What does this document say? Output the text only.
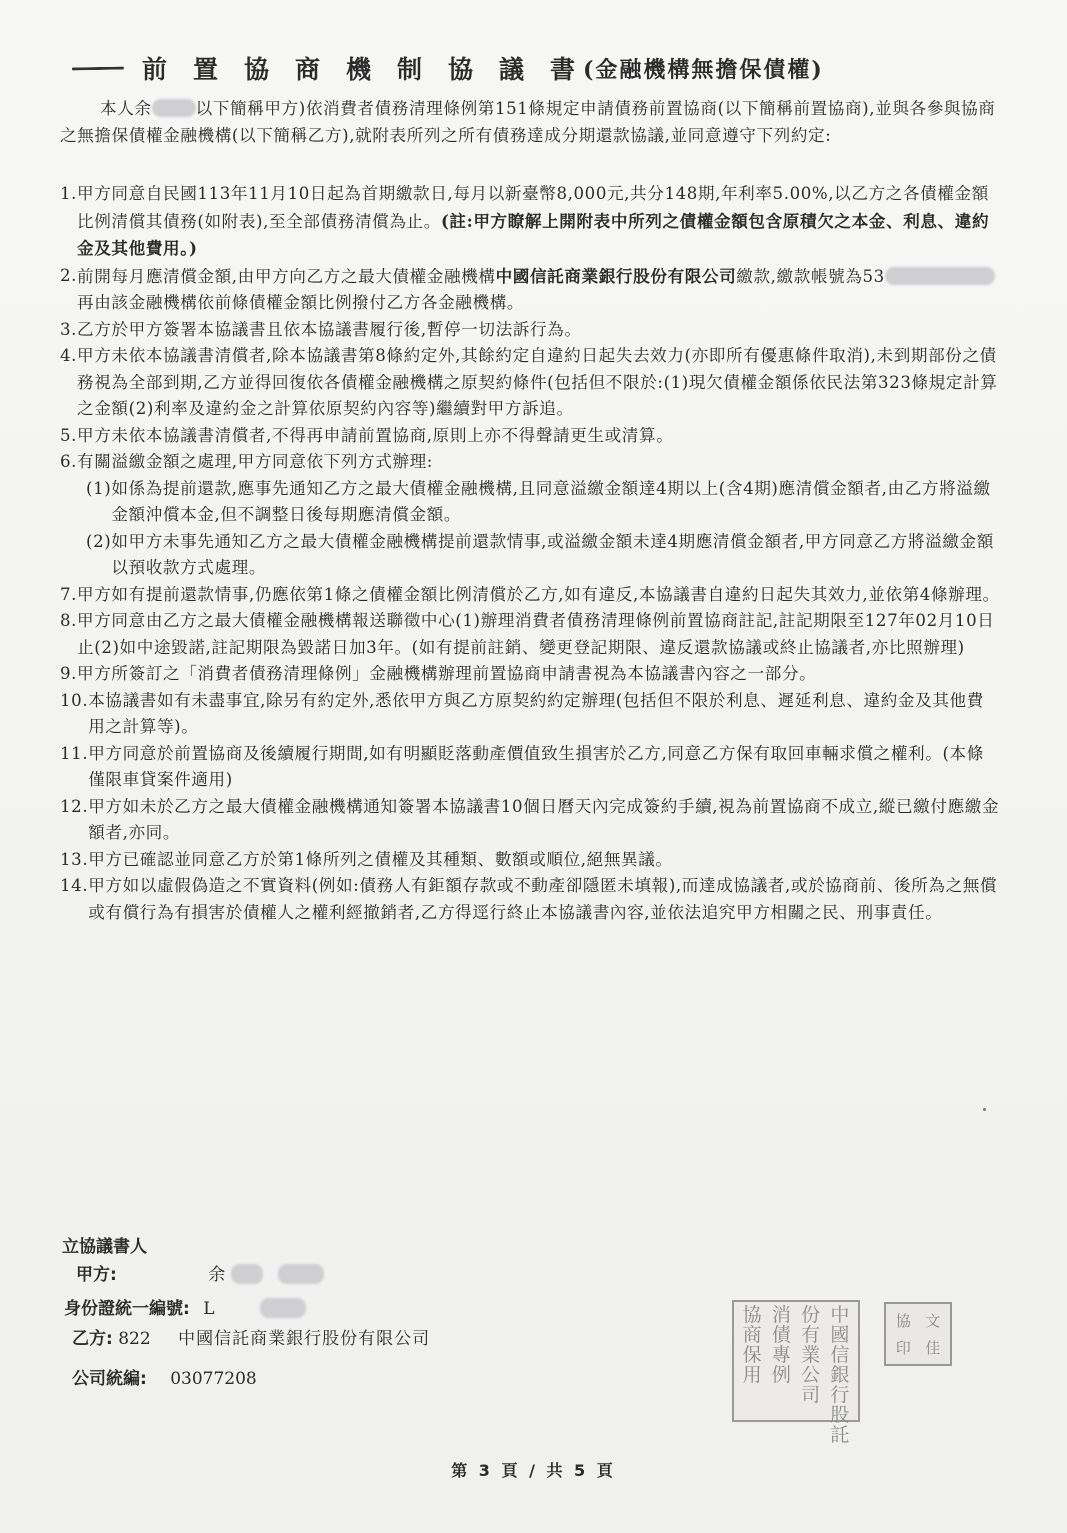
前置協商機制協議書
(金融機構無擔保債權)

本人余	以下簡稱甲方)依消費者債務清理條例第151條規定申請債務前置協商(以下簡稱前置協商),並與各參與協商之無擔保債權金融機構(以下簡稱乙方),就附表所列之所有債務達成分期還款協議,並同意遵守下列約定:

1. 甲方同意自民國113年11月10日起為首期繳款日,每月以新臺幣8,000元,共分148期,年利率5.00%,以乙方之各債權金額比例清償其債務(如附表),至全部債務清償為止。(註:甲方瞭解上開附表中所列之債權金額包含原積欠之本金、利息、違約金及其他費用。)
2. 前開每月應清償金額,由甲方向乙方之最大債權金融機構中國信託商業銀行股份有限公司繳款,繳款帳號為53再由該金融機構依前條債權金額比例撥付乙方各金融機構。
3. 乙方於甲方簽署本協議書且依本協議書履行後,暫停一切法訴行為。
4. 甲方未依本協議書清償者,除本協議書第8條約定外,其餘約定自違約日起失去效力(亦即所有優惠條件取消),未到期部份之債務視為全部到期,乙方並得回復依各債權金融機構之原契約條件(包括但不限於:(1)現欠債權金額係依民法第323條規定計算之金額(2)利率及違約金之計算依原契約內容等)繼續對甲方訴追。
5. 甲方未依本協議書清償者,不得再申請前置協商,原則上亦不得聲請更生或清算。
6. 有關溢繳金額之處理,甲方同意依下列方式辦理:
(1) 如係為提前還款,應事先通知乙方之最大債權金融機構,且同意溢繳金額達4期以上(含4期)應清償金額者,由乙方將溢繳金額沖償本金,但不調整日後每期應清償金額。
(2) 如甲方未事先通知乙方之最大債權金融機構提前還款情事,或溢繳金額未達4期應清償金額者,甲方同意乙方將溢繳金額以預收款方式處理。
7. 甲方如有提前還款情事,仍應依第1條之債權金額比例清償於乙方,如有違反,本協議書自違約日起失其效力,並依第4條辦理。
8. 甲方同意由乙方之最大債權金融機構報送聯徵中心(1)辦理消費者債務清理條例前置協商註記,註記期限至127年02月10日止(2)如中途毀諾,註記期限為毀諾日加3年。(如有提前註銷、變更登記期限、違反還款協議或終止協議者,亦比照辦理)
9. 甲方所簽訂之「消費者債務清理條例」金融機構辦理前置協商申請書視為本協議書內容之一部分。
10. 本協議書如有未盡事宜,除另有約定外,悉依甲方與乙方原契約約定辦理(包括但不限於利息、遲延利息、違約金及其他費用之計算等)。
11. 甲方同意於前置協商及後續履行期間,如有明顯貶落動產價值致生損害於乙方,同意乙方保有取回車輛求償之權利。(本條僅限車貸案件適用)
12. 甲方如未於乙方之最大債權金融機構通知簽署本協議書10個日曆天內完成簽約手續,視為前置協商不成立,縱已繳付應繳金額者,亦同。
13. 甲方已確認並同意乙方於第1條所列之債權及其種類、數額或順位,絕無異議。
14. 甲方如以虛假偽造之不實資料(例如:債務人有鉅額存款或不動產卻隱匿未填報),而達成協議者,或於協商前、後所為之無償或有償行為有損害於債權人之權利經撤銷者,乙方得逕行終止本協議書內容,並依法追究甲方相關之民、刑事責任。
立協議書人
甲方:	余
身份證統一編號: L
乙方: 822 中國信託商業銀行股份有限公司
公司統編: 03077208
協 消 份 中
商 債 有 國
保 專 業 信
用 例 公 銀
司 行
股
託
協 文
印 佳
第 3 頁 / 共 5 頁
